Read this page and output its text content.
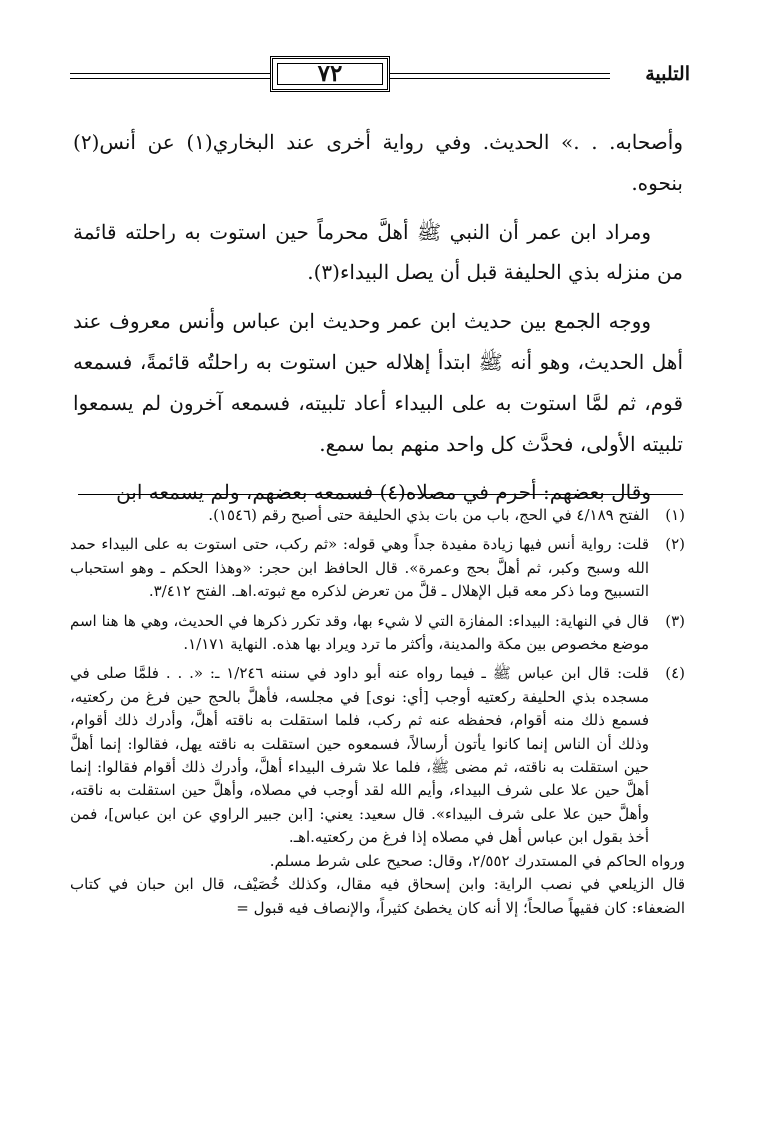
التلبية
٧٢

وأصحابه. . .» الحديث. وفي رواية أخرى عند البخاري(١) عن أنس(٢) بنحوه.

ومراد ابن عمر أن النبي ﷺ أهلَّ محرماً حين استوت به راحلته قائمة من منزله بذي الحليفة قبل أن يصل البيداء(٣).

ووجه الجمع بين حديث ابن عمر وحديث ابن عباس وأنس معروف عند أهل الحديث، وهو أنه ﷺ ابتدأ إهلاله حين استوت به راحلتُه قائمةً، فسمعه قوم، ثم لمَّا استوت به على البيداء أعاد تلبيته، فسمعه آخرون لم يسمعوا تلبيته الأولى، فحدَّث كل واحد منهم بما سمع.

وقال بعضهم: أحرم في مصلاه(٤) فسمعه بعضهم، ولم يسمعه ابن

(١)

الفتح ٤/١٨٩ في الحج، باب من بات بذي الحليفة حتى أصبح رقم (١٥٤٦).

(٢)

قلت: رواية أنس فيها زيادة مفيدة جداً وهي قوله: «ثم ركب، حتى استوت به على البيداء حمد الله وسبح وكبر، ثم أهلَّ بحج وعمرة». قال الحافظ ابن حجر: «وهذا الحكم ـ وهو استحباب التسبيح وما ذكر معه قبل الإهلال ـ قلَّ من تعرض لذكره مع ثبوته.اهـ. الفتح ٣/٤١٢.

(٣)

قال في النهاية: البيداء: المفازة التي لا شيء بها، وقد تكرر ذكرها في الحديث، وهي ها هنا اسم موضع مخصوص بين مكة والمدينة، وأكثر ما ترد ويراد بها هذه. النهاية ١/١٧١.

(٤)

قلت: قال ابن عباس ﷺ ـ فيما رواه عنه أبو داود في سننه ١/٢٤٦ ـ: «. . . فلمَّا صلى في مسجده بذي الحليفة ركعتيه أوجب [أي: نوى] في مجلسه، فأهلَّ بالحج حين فرغ من ركعتيه، فسمع ذلك منه أقوام، فحفظه عنه ثم ركب، فلما استقلت به ناقته أهلَّ، وأدرك ذلك أقوام، وذلك أن الناس إنما كانوا يأتون أرسالاً، فسمعوه حين استقلت به ناقته يهل، فقالوا: إنما أهلَّ حين استقلت به ناقته، ثم مضى ﷺ، فلما علا شرف البيداء أهلَّ، وأدرك ذلك أقوام فقالوا: إنما أهلَّ حين علا على شرف البيداء، وأيم الله لقد أوجب في مصلاه، وأهلَّ حين استقلت به ناقته، وأهلَّ حين علا على شرف البيداء». قال سعيد: يعني: [ابن جبير الراوي عن ابن عباس]، فمن أخذ بقول ابن عباس أهل في مصلاه إذا فرغ من ركعتيه.اهـ.

ورواه الحاكم في المستدرك ٢/٥٥٢، وقال: صحيح على شرط مسلم.

قال الزيلعي في نصب الراية: وابن إسحاق فيه مقال، وكذلك خُصَيْف، قال ابن حبان في كتاب الضعفاء: كان فقيهاً صالحاً؛ إلا أنه كان يخطئ كثيراً، والإنصاف فيه قبول =
